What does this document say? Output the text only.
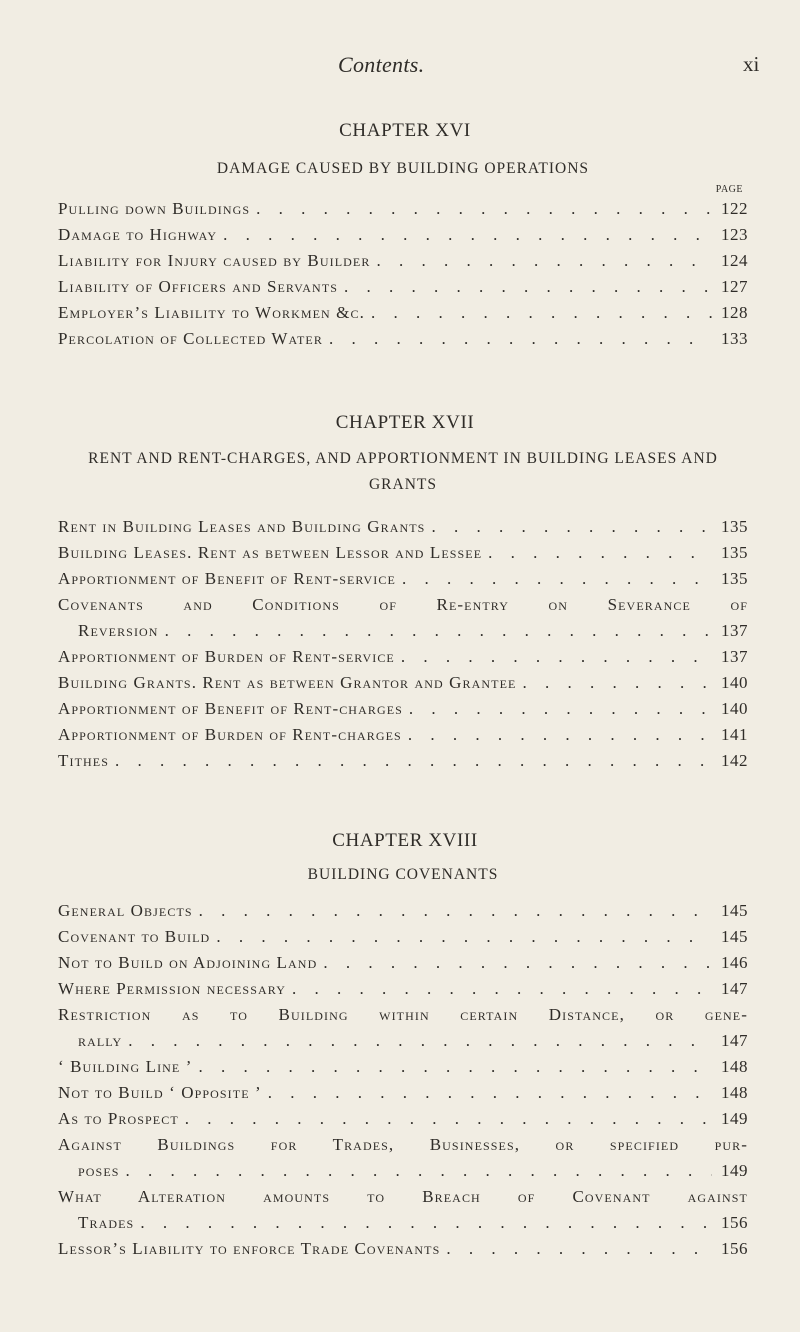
Contents.	xi
CHAPTER XVI
DAMAGE CAUSED BY BUILDING OPERATIONS
PAGE
Pulling down Buildings . . .	122
Damage to Highway . . .	123
Liability for Injury caused by Builder . . .	124
Liability of Officers and Servants . . .	127
Employer’s Liability to Workmen &c. . . .	128
Percolation of Collected Water . . .	133
CHAPTER XVII
RENT AND RENT-CHARGES, AND APPORTIONMENT IN BUILDING LEASES AND GRANTS
Rent in Building Leases and Building Grants . . .	135
Building Leases. Rent as between Lessor and Lessee . . .	135
Apportionment of Benefit of Rent-service . . .	135
Covenants and Conditions of Re-entry on Severance of
Reversion . . .	137
Apportionment of Burden of Rent-service . . .	137
Building Grants. Rent as between Grantor and Grantee . . .	140
Apportionment of Benefit of Rent-charges . . .	140
Apportionment of Burden of Rent-charges . . .	141
Tithes . . .	142
CHAPTER XVIII
BUILDING COVENANTS
General Objects . . .	145
Covenant to Build . . .	145
Not to Build on Adjoining Land . . .	146
Where Permission necessary . . .	147
Restriction as to Building within certain Distance, or gene-
rally . . .	147
‘ Building Line ’ . . .	148
Not to Build ‘ Opposite ’ . . .	148
As to Prospect . . .	149
Against Buildings for Trades, Businesses, or specified pur-
poses . . .	149
What Alteration amounts to Breach of Covenant against
Trades . . .	156
Lessor’s Liability to enforce Trade Covenants . . .	156
